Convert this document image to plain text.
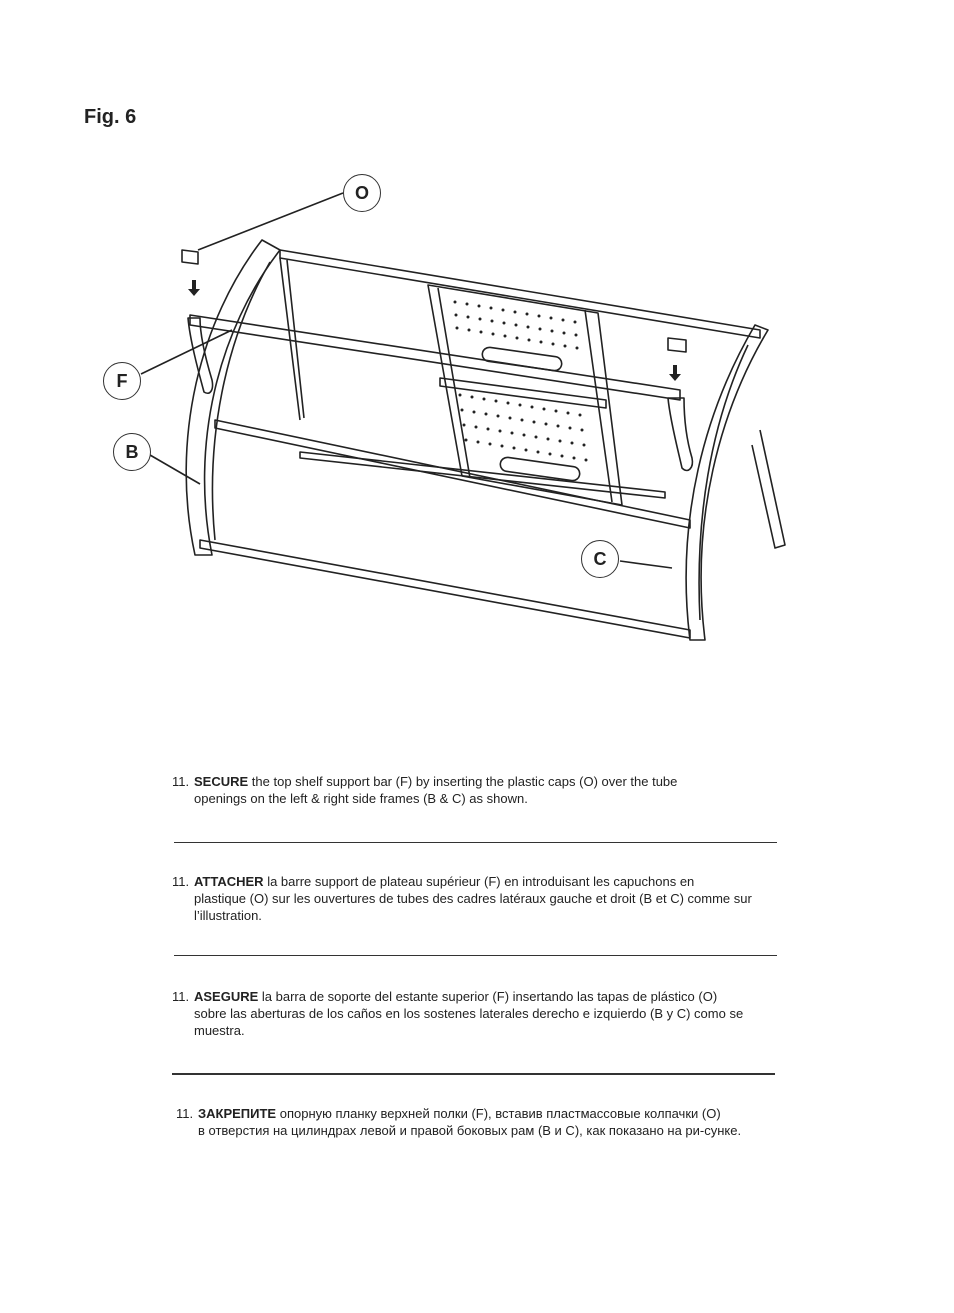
Fig. 6
O
F
B
C
11. SECURE the top shelf support bar (F) by inserting the plastic caps (O) over the tube
openings on the left & right side frames (B & C) as shown.
11. ATTACHER la barre support de plateau supérieur (F) en introduisant les capuchons en
plastique (O) sur les ouvertures de tubes des cadres latéraux gauche et droit (B et C) comme sur l’illustration.
11. ASEGURE la barra de soporte del estante superior (F) insertando las tapas de plástico (O)
sobre las aberturas de los caños en los sostenes laterales derecho e izquierdo (B y C) como se muestra.
11. ЗАКРЕПИТЕ опорную планку верхней полки (F), вставив пластмассовые колпачки (O)
в отверстия на цилиндрах левой и правой боковых рам (B и C), как показано на ри-сунке.
